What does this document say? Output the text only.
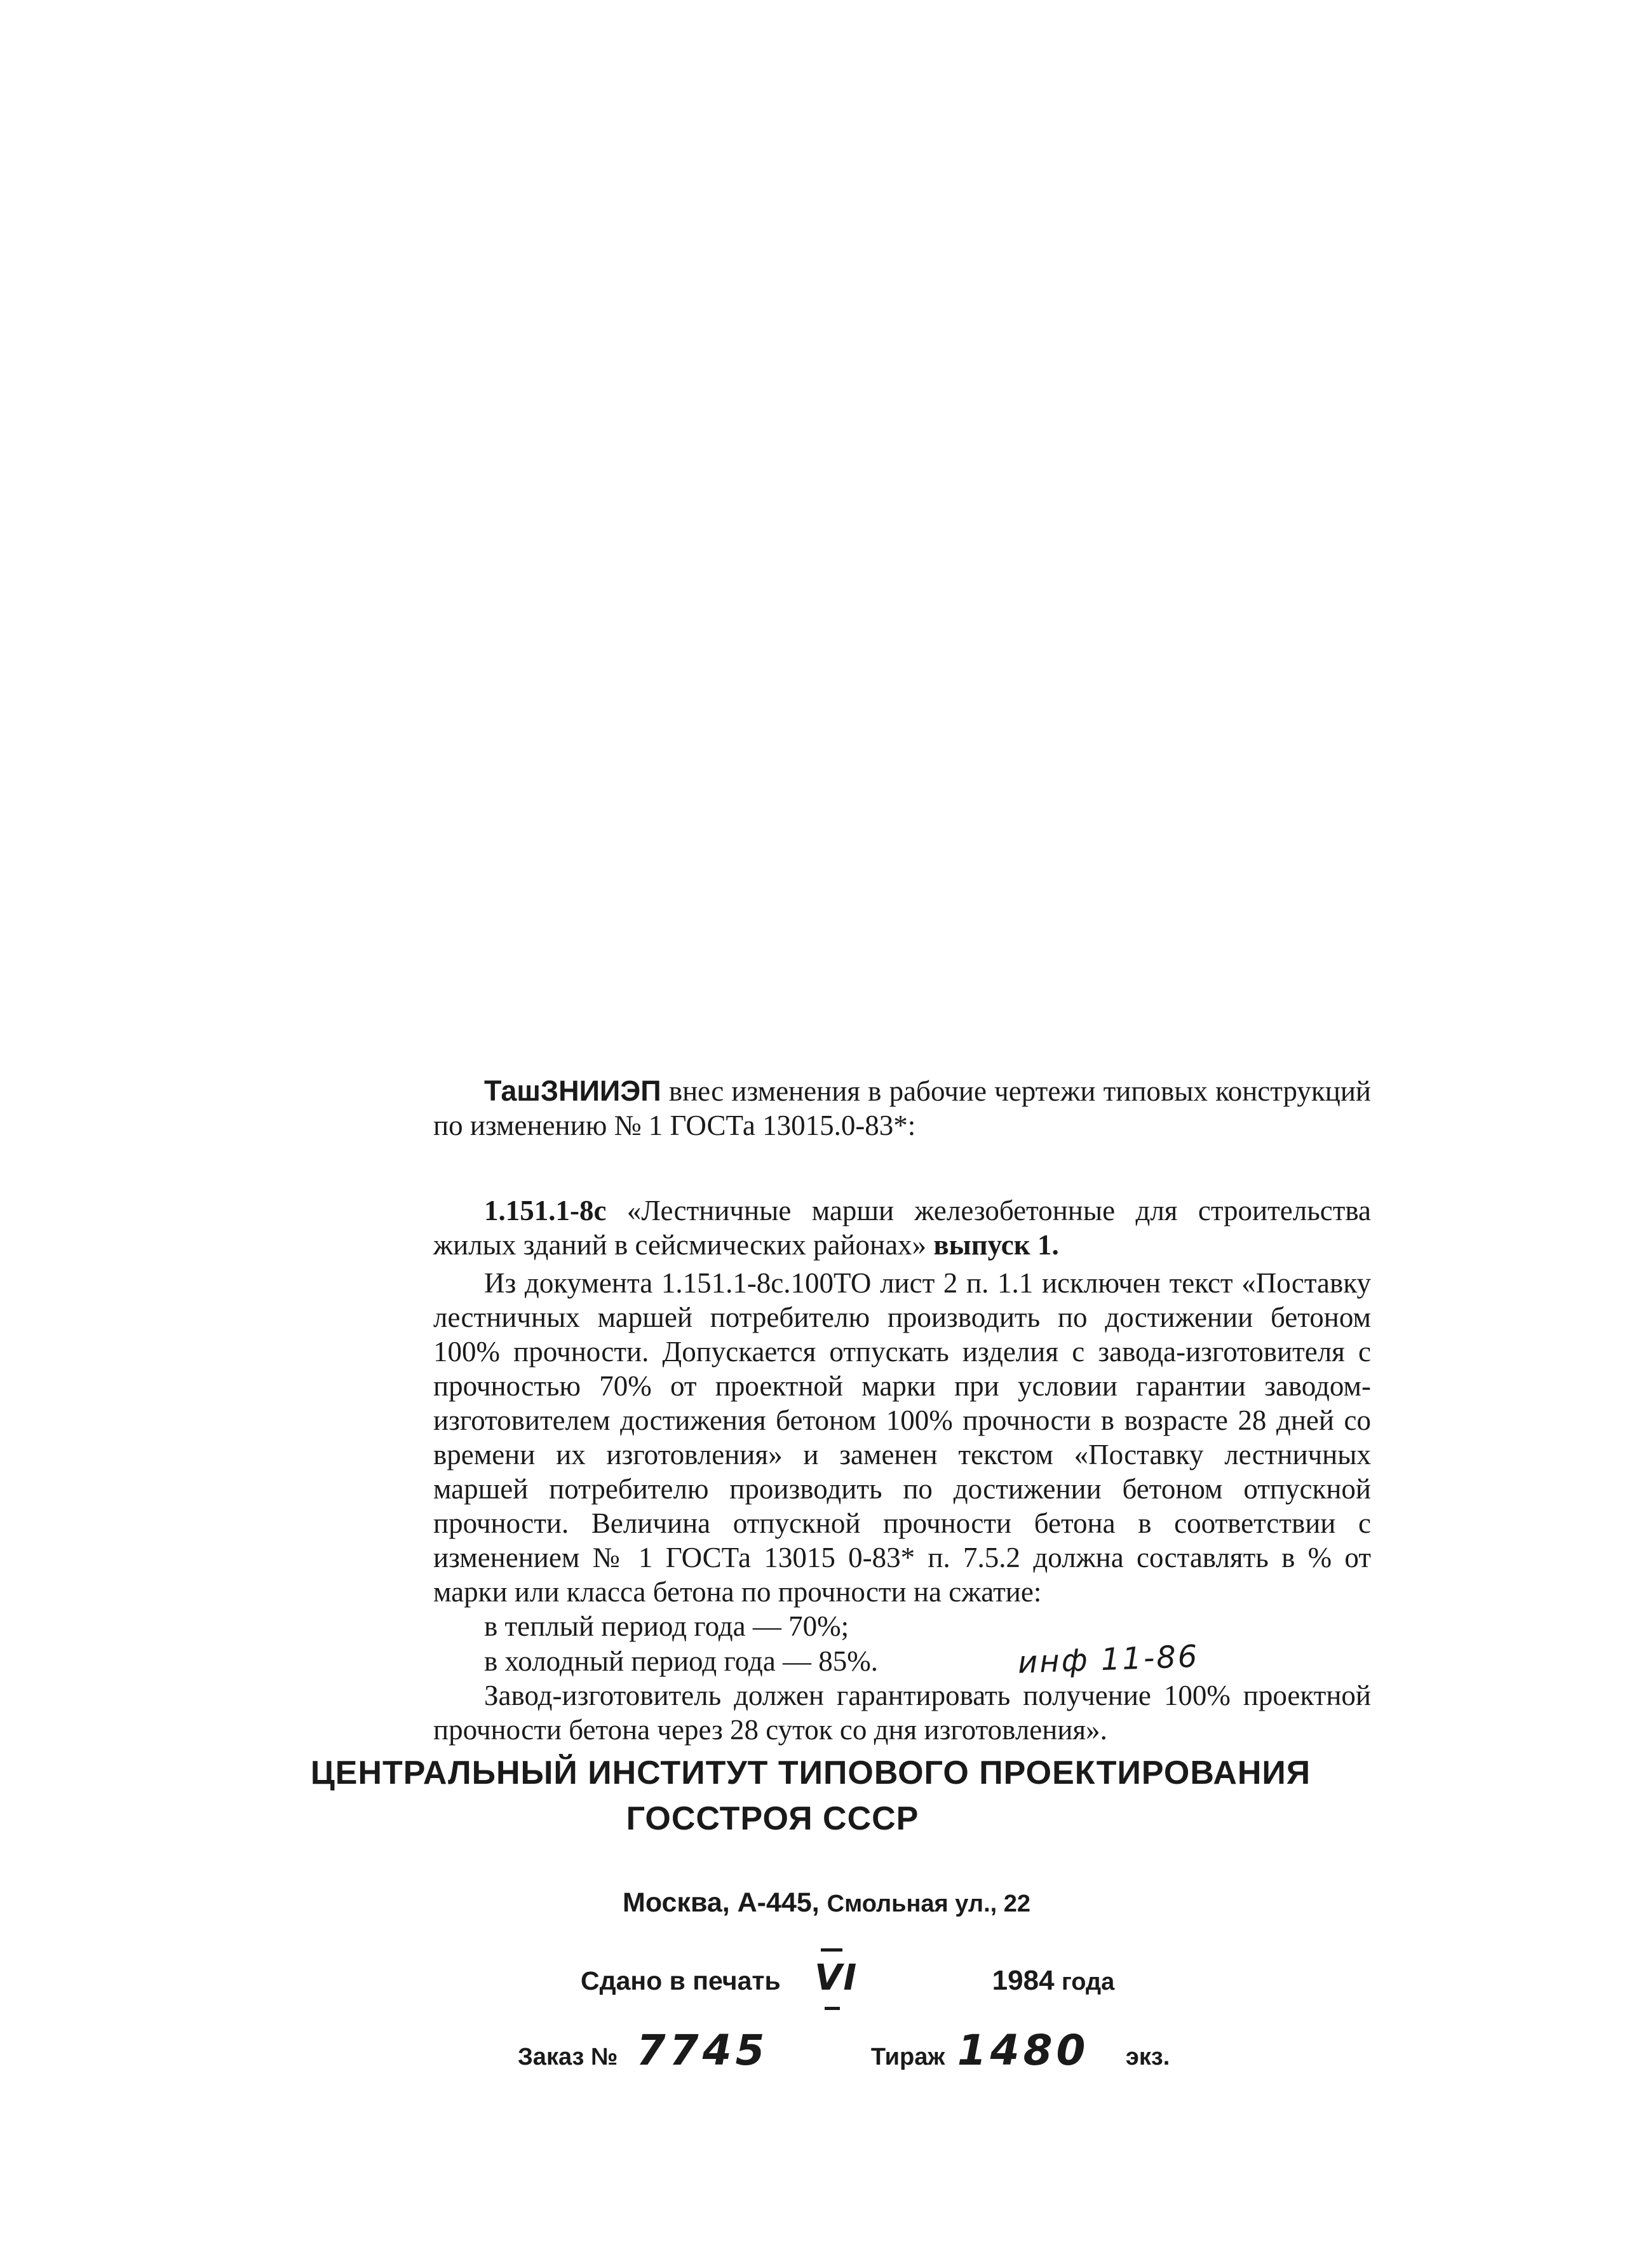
ТашЗНИИЭП внес изменения в рабочие чертежи типовых конструкций по изменению № 1 ГОСТа 13015.0-83*:

1.151.1-8с «Лестничные марши железобетонные для строительства жилых зданий в сейсмических районах» выпуск 1.

Из документа 1.151.1-8с.100ТО лист 2 п. 1.1 исключен текст «Поставку лестничных маршей потребителю производить по достижении бетоном 100% прочности. Допускается отпускать изделия с завода-изготовителя с прочностью 70% от проектной марки при условии гарантии заводом-изготовителем достижения бетоном 100% прочности в возрасте 28 дней со времени их изготовления» и заменен текстом «Поставку лестничных маршей потребителю производить по достижении бетоном отпускной прочности. Величина отпускной прочности бетона в соответствии с изменением № 1 ГОСТа 13015 0-83* п. 7.5.2 должна составлять в % от марки или класса бетона по прочности на сжатие:

в теплый период года — 70%;

в холодный период года — 85%.	инф 11-86

Завод-изготовитель должен гарантировать получение 100% проектной прочности бетона через 28 суток со дня изготовления».

ЦЕНТРАЛЬНЫЙ ИНСТИТУТ ТИПОВОГО ПРОЕКТИРОВАНИЯ
ГОССТРОЯ СССР
Москва, А-445, Смольная ул., 22
Сдано в печать VI	1984 года
Заказ № 7745	Тираж 1480 экз.
